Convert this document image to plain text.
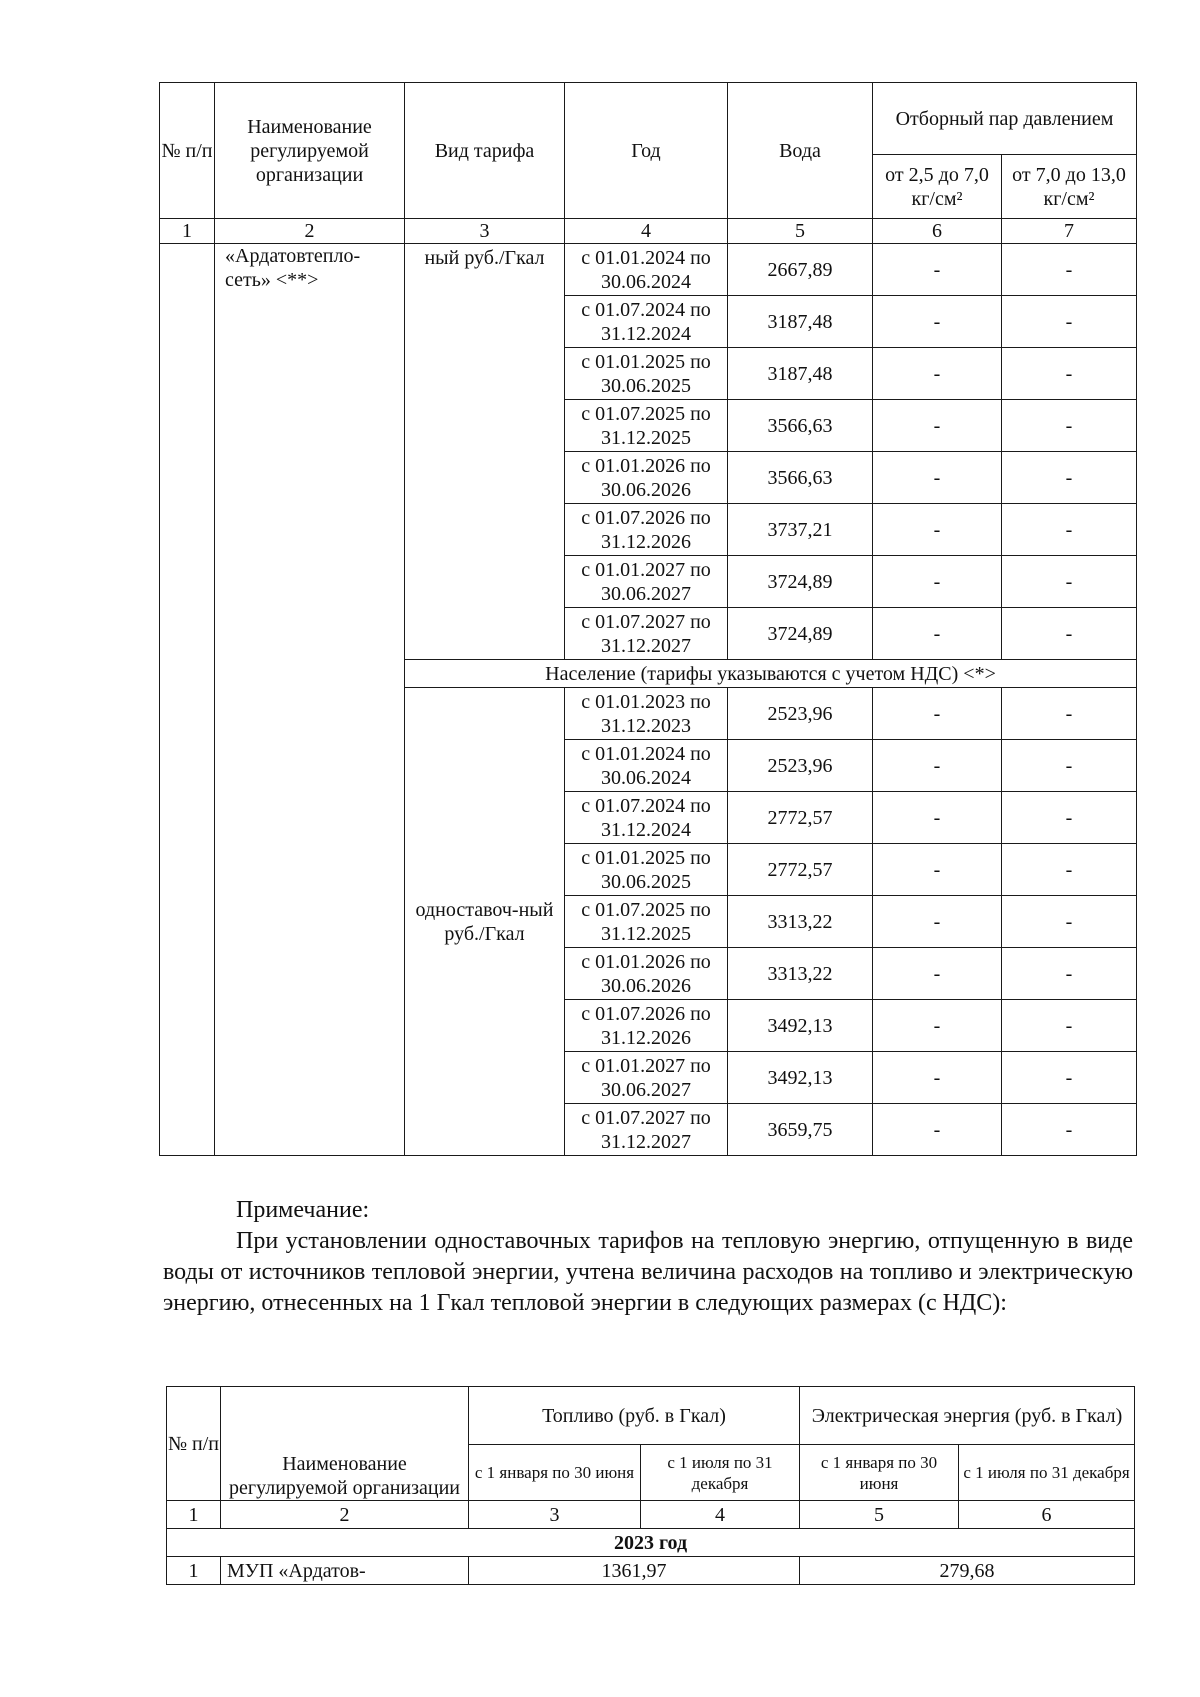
№ п/п	Наименование регулируемой организации	Вид тарифа	Год	Вода	Отборный пар давлением	
					от 2,5 до 7,0 кг/см²	от 7,0 до 13,0 кг/см²
1	2	3	4	5	6	7
	«Ардатовтепло-сеть» <**>	ный руб./Гкал	с 01.01.2024 по 30.06.2024	2667,89	-	-
			с 01.07.2024 по 31.12.2024	3187,48	-	-
			с 01.01.2025 по 30.06.2025	3187,48	-	-
			с 01.07.2025 по 31.12.2025	3566,63	-	-
			с 01.01.2026 по 30.06.2026	3566,63	-	-
			с 01.07.2026 по 31.12.2026	3737,21	-	-
			с 01.01.2027 по 30.06.2027	3724,89	-	-
			с 01.07.2027 по 31.12.2027	3724,89	-	-
		Население (тарифы указываются с учетом НДС) <*>				
		одноставоч-ный руб./Гкал	с 01.01.2023 по 31.12.2023	2523,96	-	-
			с 01.01.2024 по 30.06.2024	2523,96	-	-
			с 01.07.2024 по 31.12.2024	2772,57	-	-
			с 01.01.2025 по 30.06.2025	2772,57	-	-
			с 01.07.2025 по 31.12.2025	3313,22	-	-
			с 01.01.2026 по 30.06.2026	3313,22	-	-
			с 01.07.2026 по 31.12.2026	3492,13	-	-
			с 01.01.2027 по 30.06.2027	3492,13	-	-
			с 01.07.2027 по 31.12.2027	3659,75	-	-

Примечание:

При установлении одноставочных тарифов на тепловую энергию, отпущенную в виде воды от источников тепловой энергии, учтена величина расходов на топливо и электрическую энергию, отнесенных на 1 Гкал тепловой энергии в следующих размерах (с НДС):

№ п/п	Наименование регулируемой организации	Топливо (руб. в Гкал)		Электрическая энергия (руб. в Гкал)	
		с 1 января по 30 июня	с 1 июля по 31 декабря	с 1 января по 30 июня	с 1 июля по 31 декабря
1	2	3	4	5	6
2023 год					
1	МУП «Ардатов-	1361,97		279,68	
